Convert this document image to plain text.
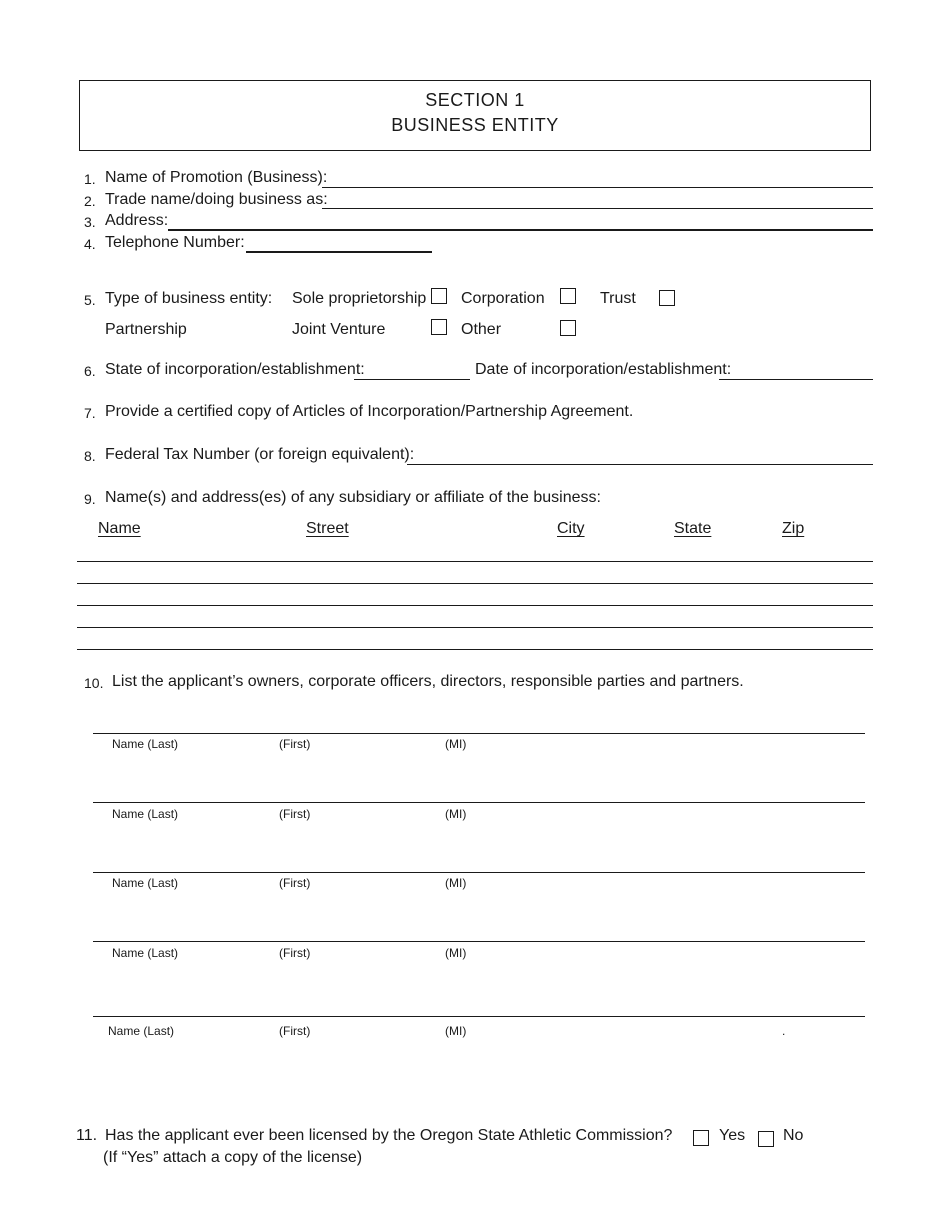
SECTION 1
BUSINESS ENTITY
1. Name of Promotion (Business):
2. Trade name/doing business as:
3. Address:
4. Telephone Number:
5. Type of business entity: Sole proprietorship Corporation	Trust
Partnership	Joint Venture	Other
6. State of incorporation/establishment:	Date of incorporation/establishment:
7. Provide a certified copy of Articles of Incorporation/Partnership Agreement.
8. Federal Tax Number (or foreign equivalent):
9. Name(s) and address(es) of any subsidiary or affiliate of the business:
Name	Street	City	State	Zip
10. List the applicant’s owners, corporate officers, directors, responsible parties and partners.
Name (Last)	(First)	(MI)
Name (Last)	(First)	(MI)
Name (Last)	(First)	(MI)
Name (Last)	(First)	(MI)
Name (Last)	(First)	(MI)	.
11. Has the applicant ever been licensed by the Oregon State Athletic Commission?
(If “Yes” attach a copy of the license)
Yes No
